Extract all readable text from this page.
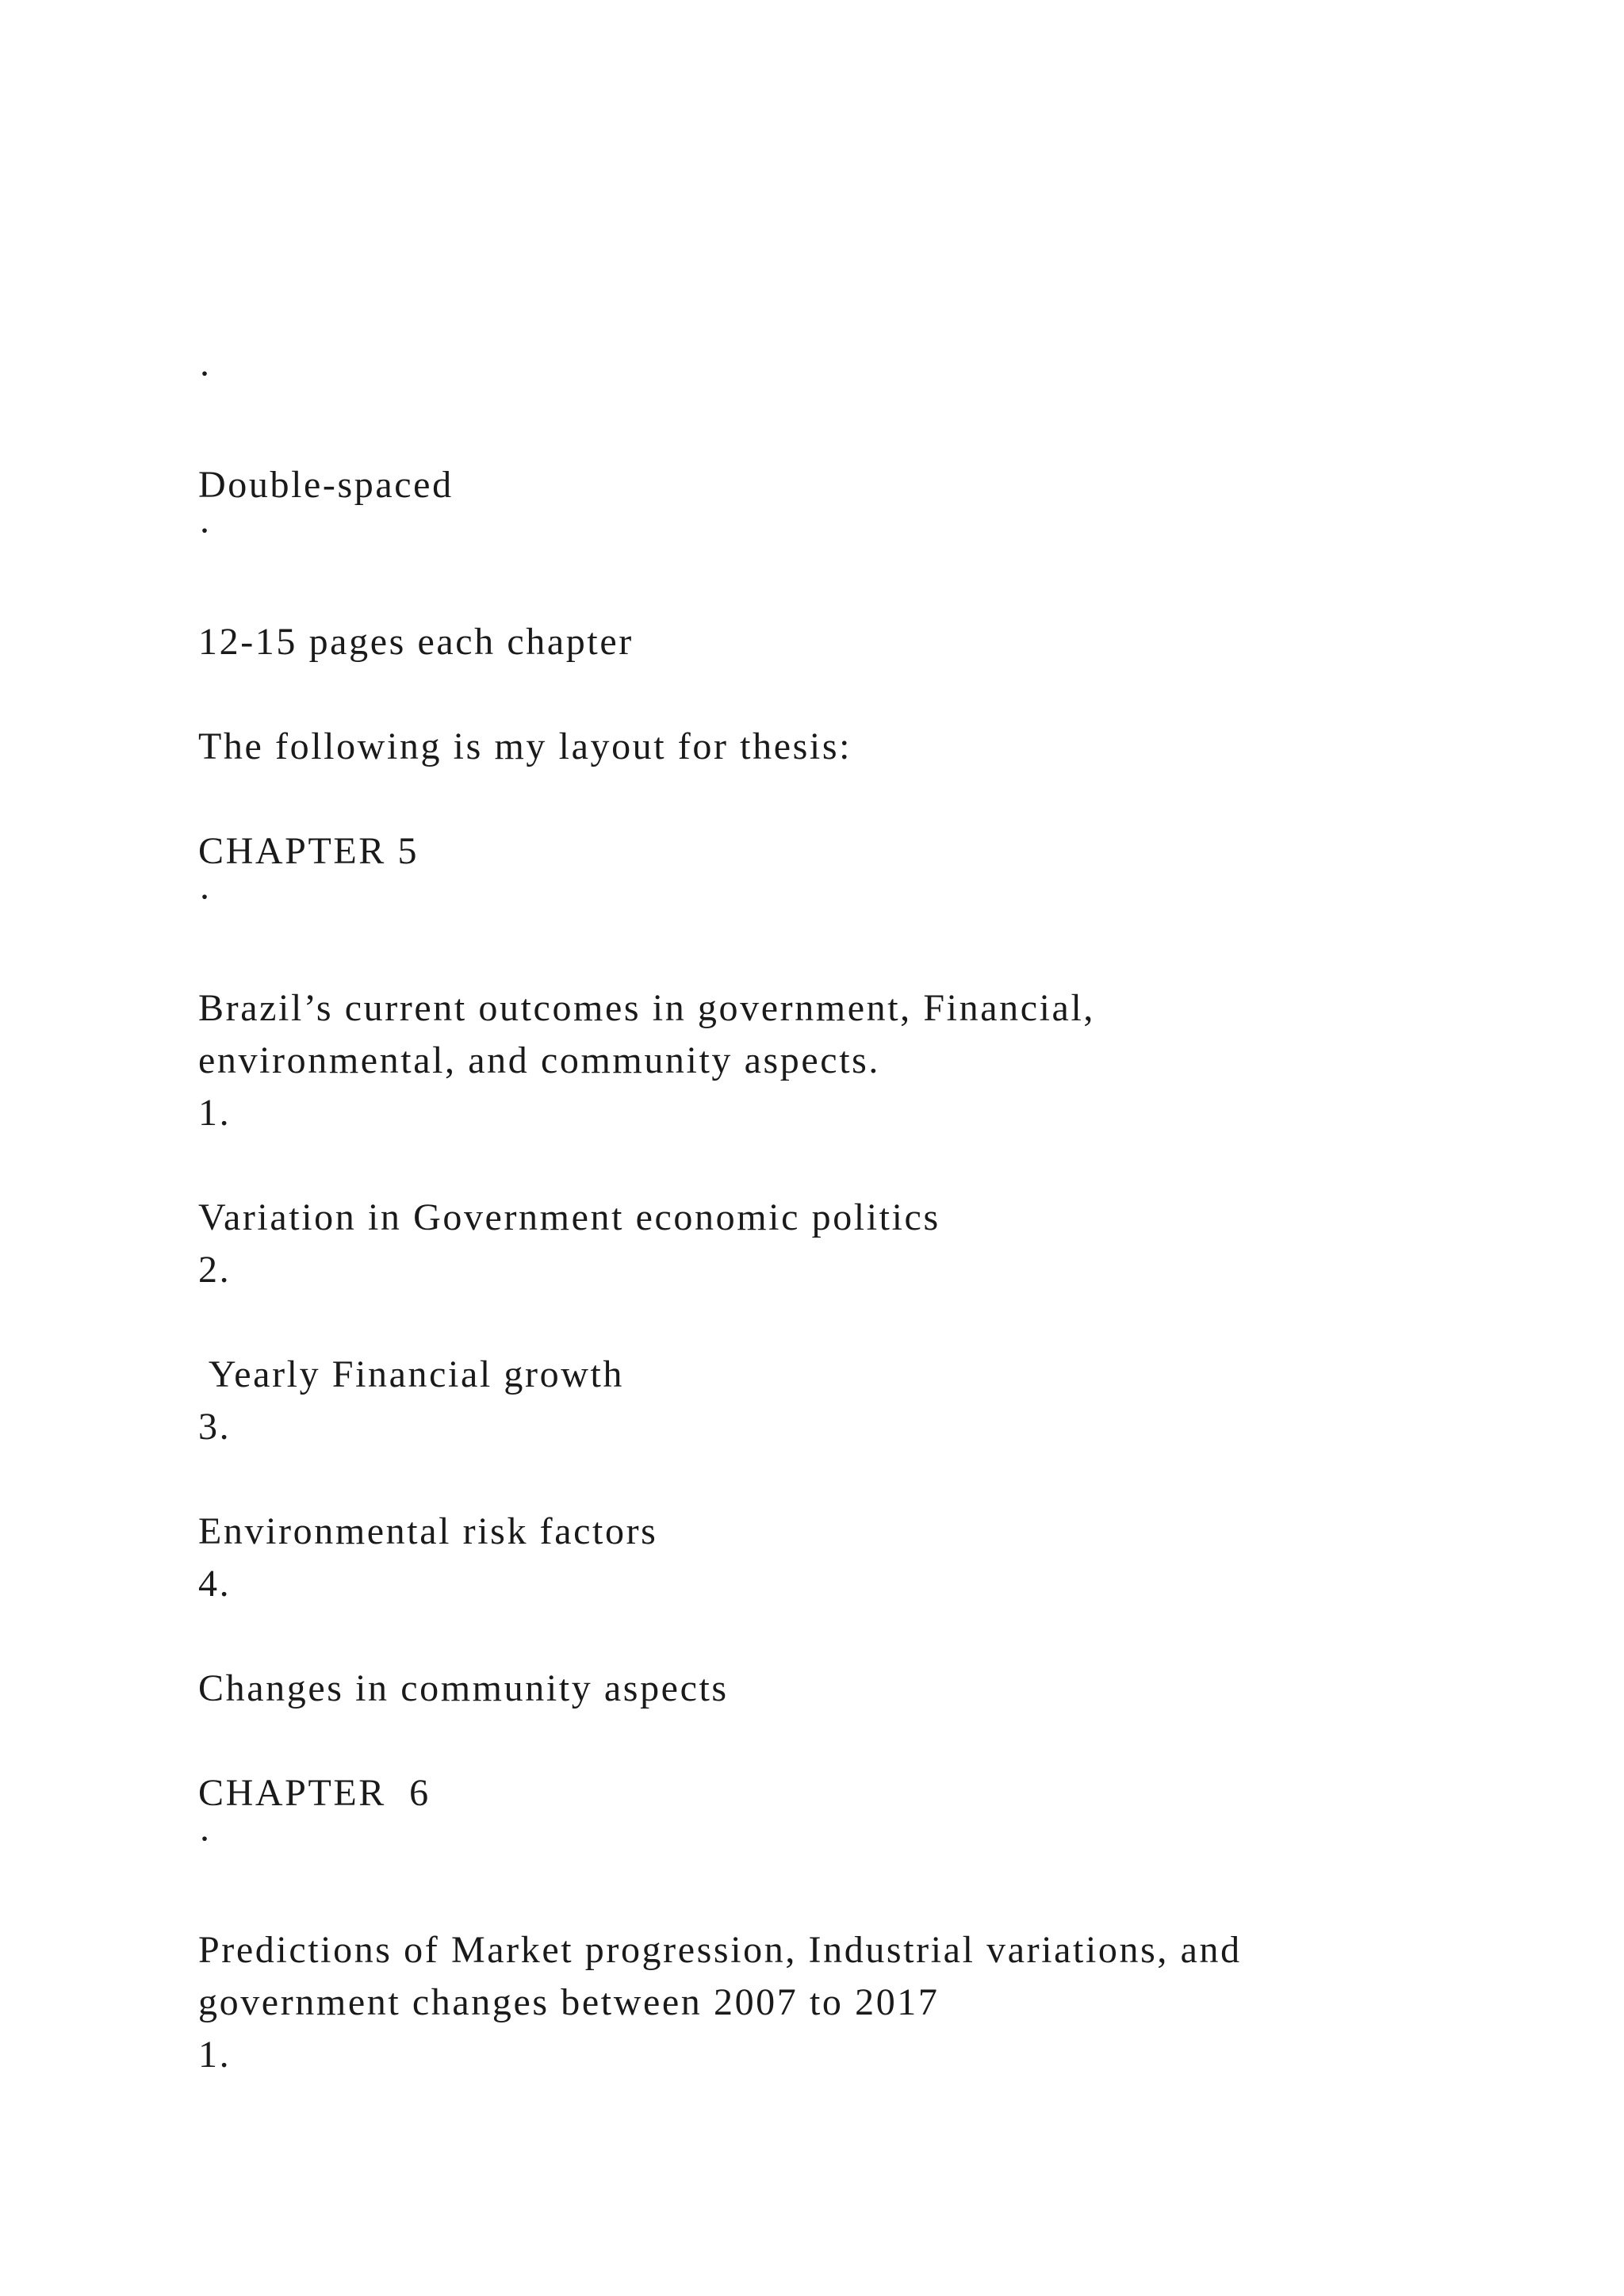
·

Double-spaced

·

12-15 pages each chapter

The following is my layout for thesis:

CHAPTER 5

·

Brazil’s current outcomes in government, Financial,

environmental, and community aspects.

1.

Variation in Government economic politics

2.

Yearly Financial growth

3.

Environmental risk factors

4.

Changes in community aspects

CHAPTER  6

·

Predictions of Market progression, Industrial variations, and

government changes between 2007 to 2017

1.
